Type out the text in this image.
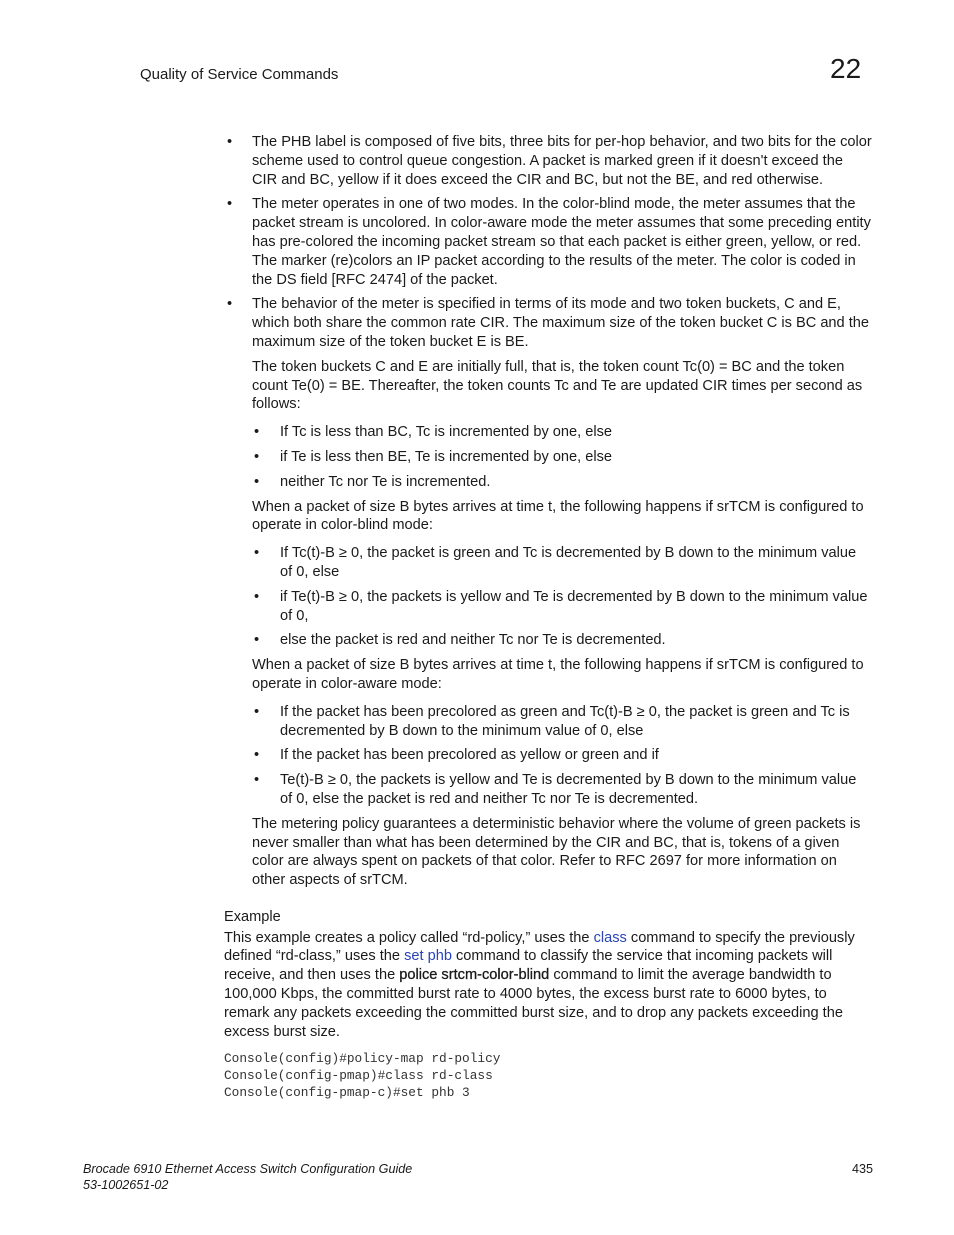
Quality of Service Commands	22
• The PHB label is composed of five bits, three bits for per-hop behavior, and two bits for the color scheme used to control queue congestion. A packet is marked green if it doesn't exceed the CIR and BC, yellow if it does exceed the CIR and BC, but not the BE, and red otherwise.
• The meter operates in one of two modes. In the color-blind mode, the meter assumes that the packet stream is uncolored. In color-aware mode the meter assumes that some preceding entity has pre-colored the incoming packet stream so that each packet is either green, yellow, or red. The marker (re)colors an IP packet according to the results of the meter. The color is coded in the DS field [RFC 2474] of the packet.
• The behavior of the meter is specified in terms of its mode and two token buckets, C and E, which both share the common rate CIR. The maximum size of the token bucket C is BC and the maximum size of the token bucket E is BE.

The token buckets C and E are initially full, that is, the token count Tc(0) = BC and the token count Te(0) = BE. Thereafter, the token counts Tc and Te are updated CIR times per second as follows:

• If Tc is less than BC, Tc is incremented by one, else
• if Te is less then BE, Te is incremented by one, else
• neither Tc nor Te is incremented.

When a packet of size B bytes arrives at time t, the following happens if srTCM is configured to operate in color-blind mode:

• If Tc(t)-B ≥ 0, the packet is green and Tc is decremented by B down to the minimum value of 0, else
• if Te(t)-B ≥ 0, the packets is yellow and Te is decremented by B down to the minimum value of 0,
• else the packet is red and neither Tc nor Te is decremented.

When a packet of size B bytes arrives at time t, the following happens if srTCM is configured to operate in color-aware mode:

• If the packet has been precolored as green and Tc(t)-B ≥ 0, the packet is green and Tc is decremented by B down to the minimum value of 0, else
• If the packet has been precolored as yellow or green and if
• Te(t)-B ≥ 0, the packets is yellow and Te is decremented by B down to the minimum value of 0, else the packet is red and neither Tc nor Te is decremented.

The metering policy guarantees a deterministic behavior where the volume of green packets is never smaller than what has been determined by the CIR and BC, that is, tokens of a given color are always spent on packets of that color. Refer to RFC 2697 for more information on other aspects of srTCM.

Example

This example creates a policy called “rd-policy,” uses the class command to specify the previously defined “rd-class,” uses the set phb command to classify the service that incoming packets will receive, and then uses the police srtcm-color-blind command to limit the average bandwidth to 100,000 Kbps, the committed burst rate to 4000 bytes, the excess burst rate to 6000 bytes, to remark any packets exceeding the committed burst size, and to drop any packets exceeding the excess burst size.

Console(config)#policy-map rd-policy
Console(config-pmap)#class rd-class
Console(config-pmap-c)#set phb 3
Brocade 6910 Ethernet Access Switch Configuration Guide
53-1002651-02
435
